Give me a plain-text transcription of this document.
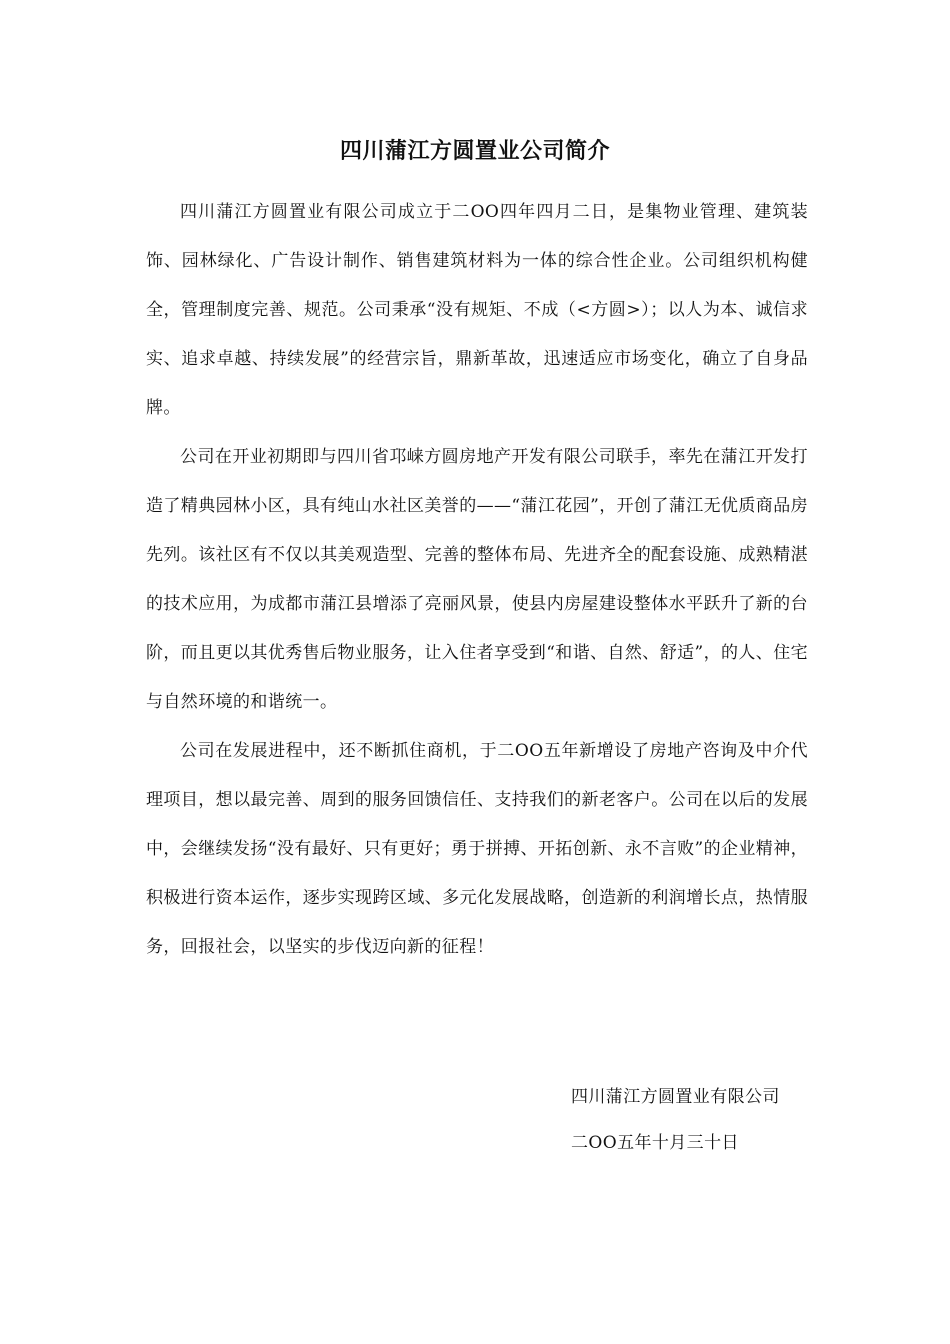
四川蒲江方圆置业公司简介

四川蒲江方圆置业有限公司成立于二OO四年四月二日，是集物业管理、建筑装饰、园林绿化、广告设计制作、销售建筑材料为一体的综合性企业。公司组织机构健全，管理制度完善、规范。公司秉承“没有规矩、不成（<方圆>）；以人为本、诚信求实、追求卓越、持续发展”的经营宗旨，鼎新革故，迅速适应市场变化，确立了自身品牌。

公司在开业初期即与四川省邛崃方圆房地产开发有限公司联手，率先在蒲江开发打造了精典园林小区，具有纯山水社区美誉的——“蒲江花园”，开创了蒲江无优质商品房先列。该社区有不仅以其美观造型、完善的整体布局、先进齐全的配套设施、成熟精湛的技术应用，为成都市蒲江县增添了亮丽风景，使县内房屋建设整体水平跃升了新的台阶，而且更以其优秀售后物业服务，让入住者享受到“和谐、自然、舒适”，的人、住宅与自然环境的和谐统一。

公司在发展进程中，还不断抓住商机，于二OO五年新增设了房地产咨询及中介代理项目，想以最完善、周到的服务回馈信任、支持我们的新老客户。公司在以后的发展中，会继续发扬“没有最好、只有更好；勇于拼搏、开拓创新、永不言败”的企业精神，积极进行资本运作，逐步实现跨区域、多元化发展战略，创造新的利润增长点，热情服务，回报社会，以坚实的步伐迈向新的征程！

四川蒲江方圆置业有限公司
二OO五年十月三十日
